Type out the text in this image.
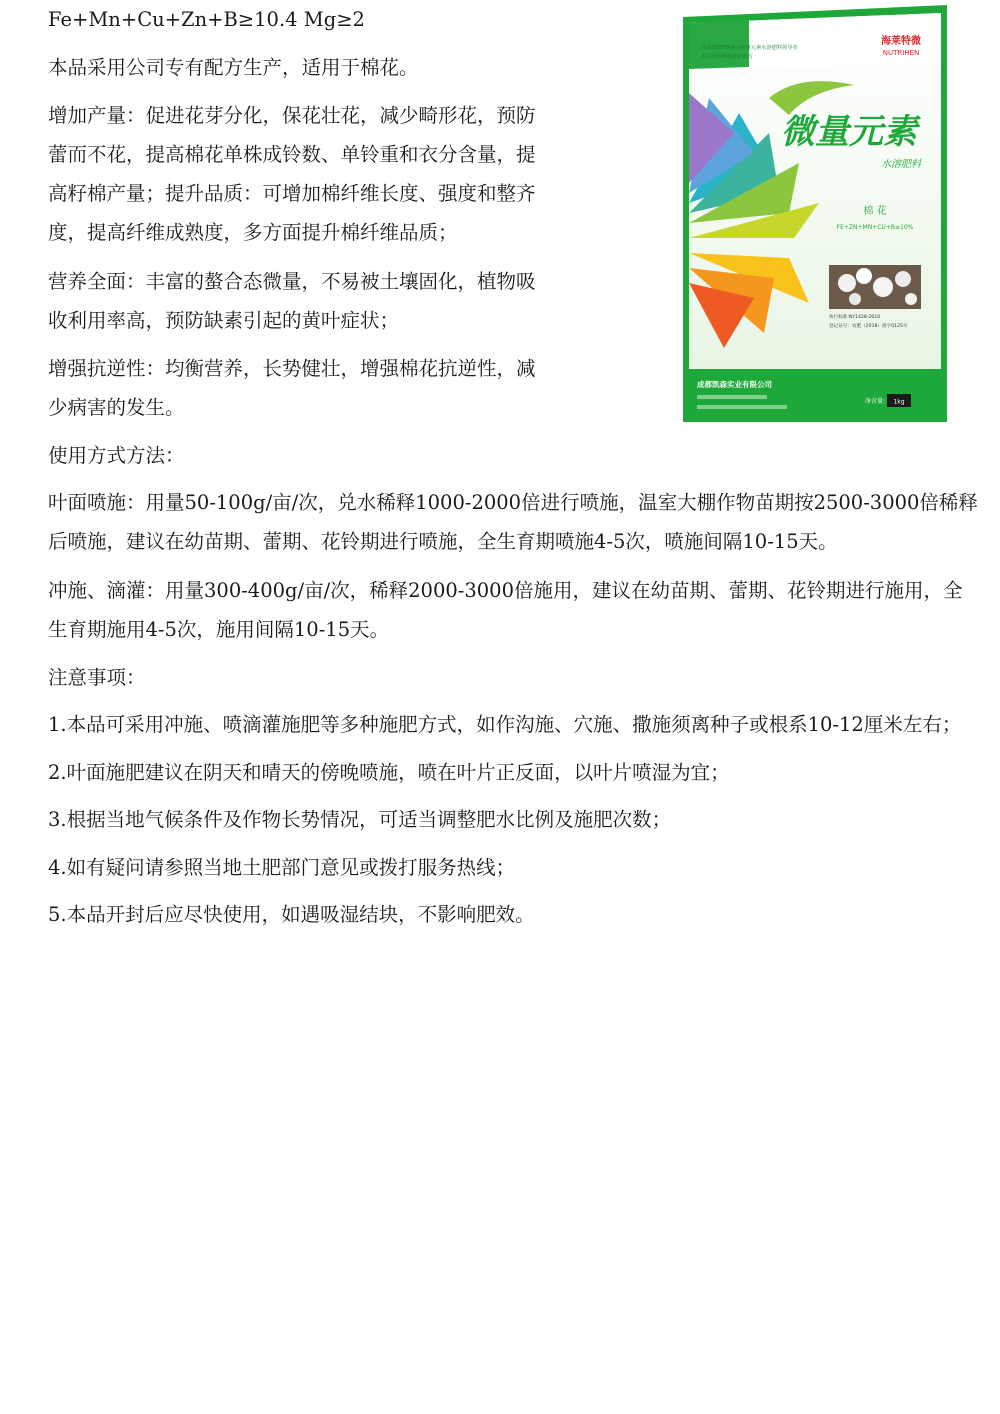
Fe+Mn+Cu+Zn+B≥10.4 Mg≥2
本品采用公司专有配方生产，适用于棉花。
增加产量：促进花芽分化，保花壮花，减少畸形花，预防
蕾而不花，提高棉花单株成铃数、单铃重和衣分含量，提
高籽棉产量；提升品质：可增加棉纤维长度、强度和整齐
度，提高纤维成熟度，多方面提升棉纤维品质；
营养全面：丰富的螯合态微量，不易被土壤固化，植物吸
收利用率高，预防缺素引起的黄叶症状；
增强抗逆性：均衡营养，长势健壮，增强棉花抗逆性，减
少病害的发生。
使用方式方法：
叶面喷施：用量50-100g/亩/次，兑水稀释1000-2000倍进行喷施，温室大棚作物苗期按2500-3000倍稀释
后喷施，建议在幼苗期、蕾期、花铃期进行喷施，全生育期喷施4-5次，喷施间隔10-15天。
冲施、滴灌：用量300-400g/亩/次，稀释2000-3000倍施用，建议在幼苗期、蕾期、花铃期进行施用，全
生育期施用4-5次，施用间隔10-15天。
注意事项：
1.本品可采用冲施、喷滴灌施肥等多种施肥方式，如作沟施、穴施、撒施须离种子或根系10-12厘米左右；
2.叶面施肥建议在阴天和晴天的傍晚喷施，喷在叶片正反面，以叶片喷湿为宜；
3.根据当地气候条件及作物长势情况，可适当调整肥水比例及施肥次数；
4.如有疑问请参照当地土肥部门意见或拨打服务热线；
5.本品开封后应尽快使用，如遇吸湿结块，不影响肥效。
海莱特微
NUTRIHEN
高品质EDTA螯合微量元素水溶肥料领导者
满目营养种植养护配方
微量元素
水溶肥料
棉 花
FE+ZN+MN+CU+B≥10%
执行标准:NY1428-2010
登记证号：农肥（2018）准字0125号
成都凯森实业有限公司
净含量: 1kg
